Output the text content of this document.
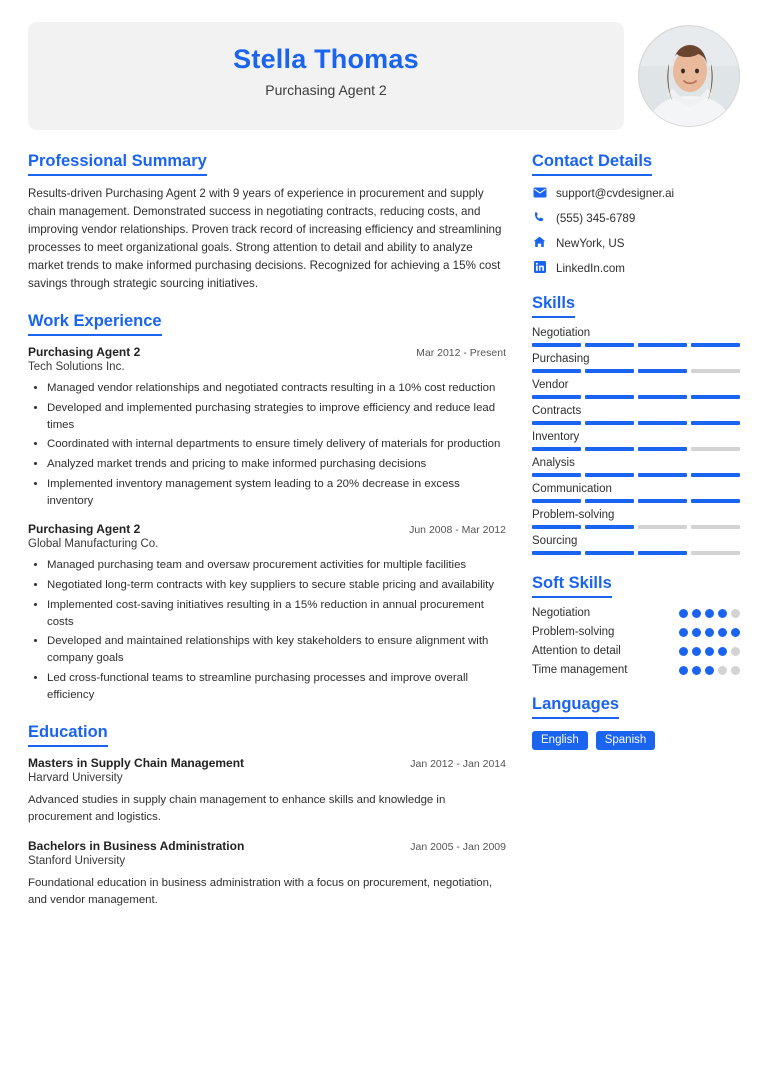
Stella Thomas
Purchasing Agent 2
Professional Summary

Results-driven Purchasing Agent 2 with 9 years of experience in procurement and supply chain management. Demonstrated success in negotiating contracts, reducing costs, and improving vendor relationships. Proven track record of increasing efficiency and streamlining processes to meet organizational goals. Strong attention to detail and ability to analyze market trends to make informed purchasing decisions. Recognized for achieving a 15% cost savings through strategic sourcing initiatives.

Work Experience
Purchasing Agent 2	Mar 2012 - Present
Tech Solutions Inc.
• Managed vendor relationships and negotiated contracts resulting in a 10% cost reduction
• Developed and implemented purchasing strategies to improve efficiency and reduce lead times
• Coordinated with internal departments to ensure timely delivery of materials for production
• Analyzed market trends and pricing to make informed purchasing decisions
• Implemented inventory management system leading to a 20% decrease in excess inventory
Purchasing Agent 2	Jun 2008 - Mar 2012
Global Manufacturing Co.
• Managed purchasing team and oversaw procurement activities for multiple facilities
• Negotiated long-term contracts with key suppliers to secure stable pricing and availability
• Implemented cost-saving initiatives resulting in a 15% reduction in annual procurement costs
• Developed and maintained relationships with key stakeholders to ensure alignment with company goals
• Led cross-functional teams to streamline purchasing processes and improve overall efficiency
Education
Masters in Supply Chain Management	Jan 2012 - Jan 2014
Harvard University

Advanced studies in supply chain management to enhance skills and knowledge in procurement and logistics.

Bachelors in Business Administration	Jan 2005 - Jan 2009
Stanford University

Foundational education in business administration with a focus on procurement, negotiation, and vendor management.

Contact Details
support@cvdesigner.ai
(555) 345-6789
NewYork, US
LinkedIn.com
Skills
Negotiation
Purchasing
Vendor
Contracts
Inventory
Analysis
Communication
Problem-solving
Sourcing
Soft Skills
Negotiation
Problem-solving
Attention to detail
Time management
Languages
English	Spanish
